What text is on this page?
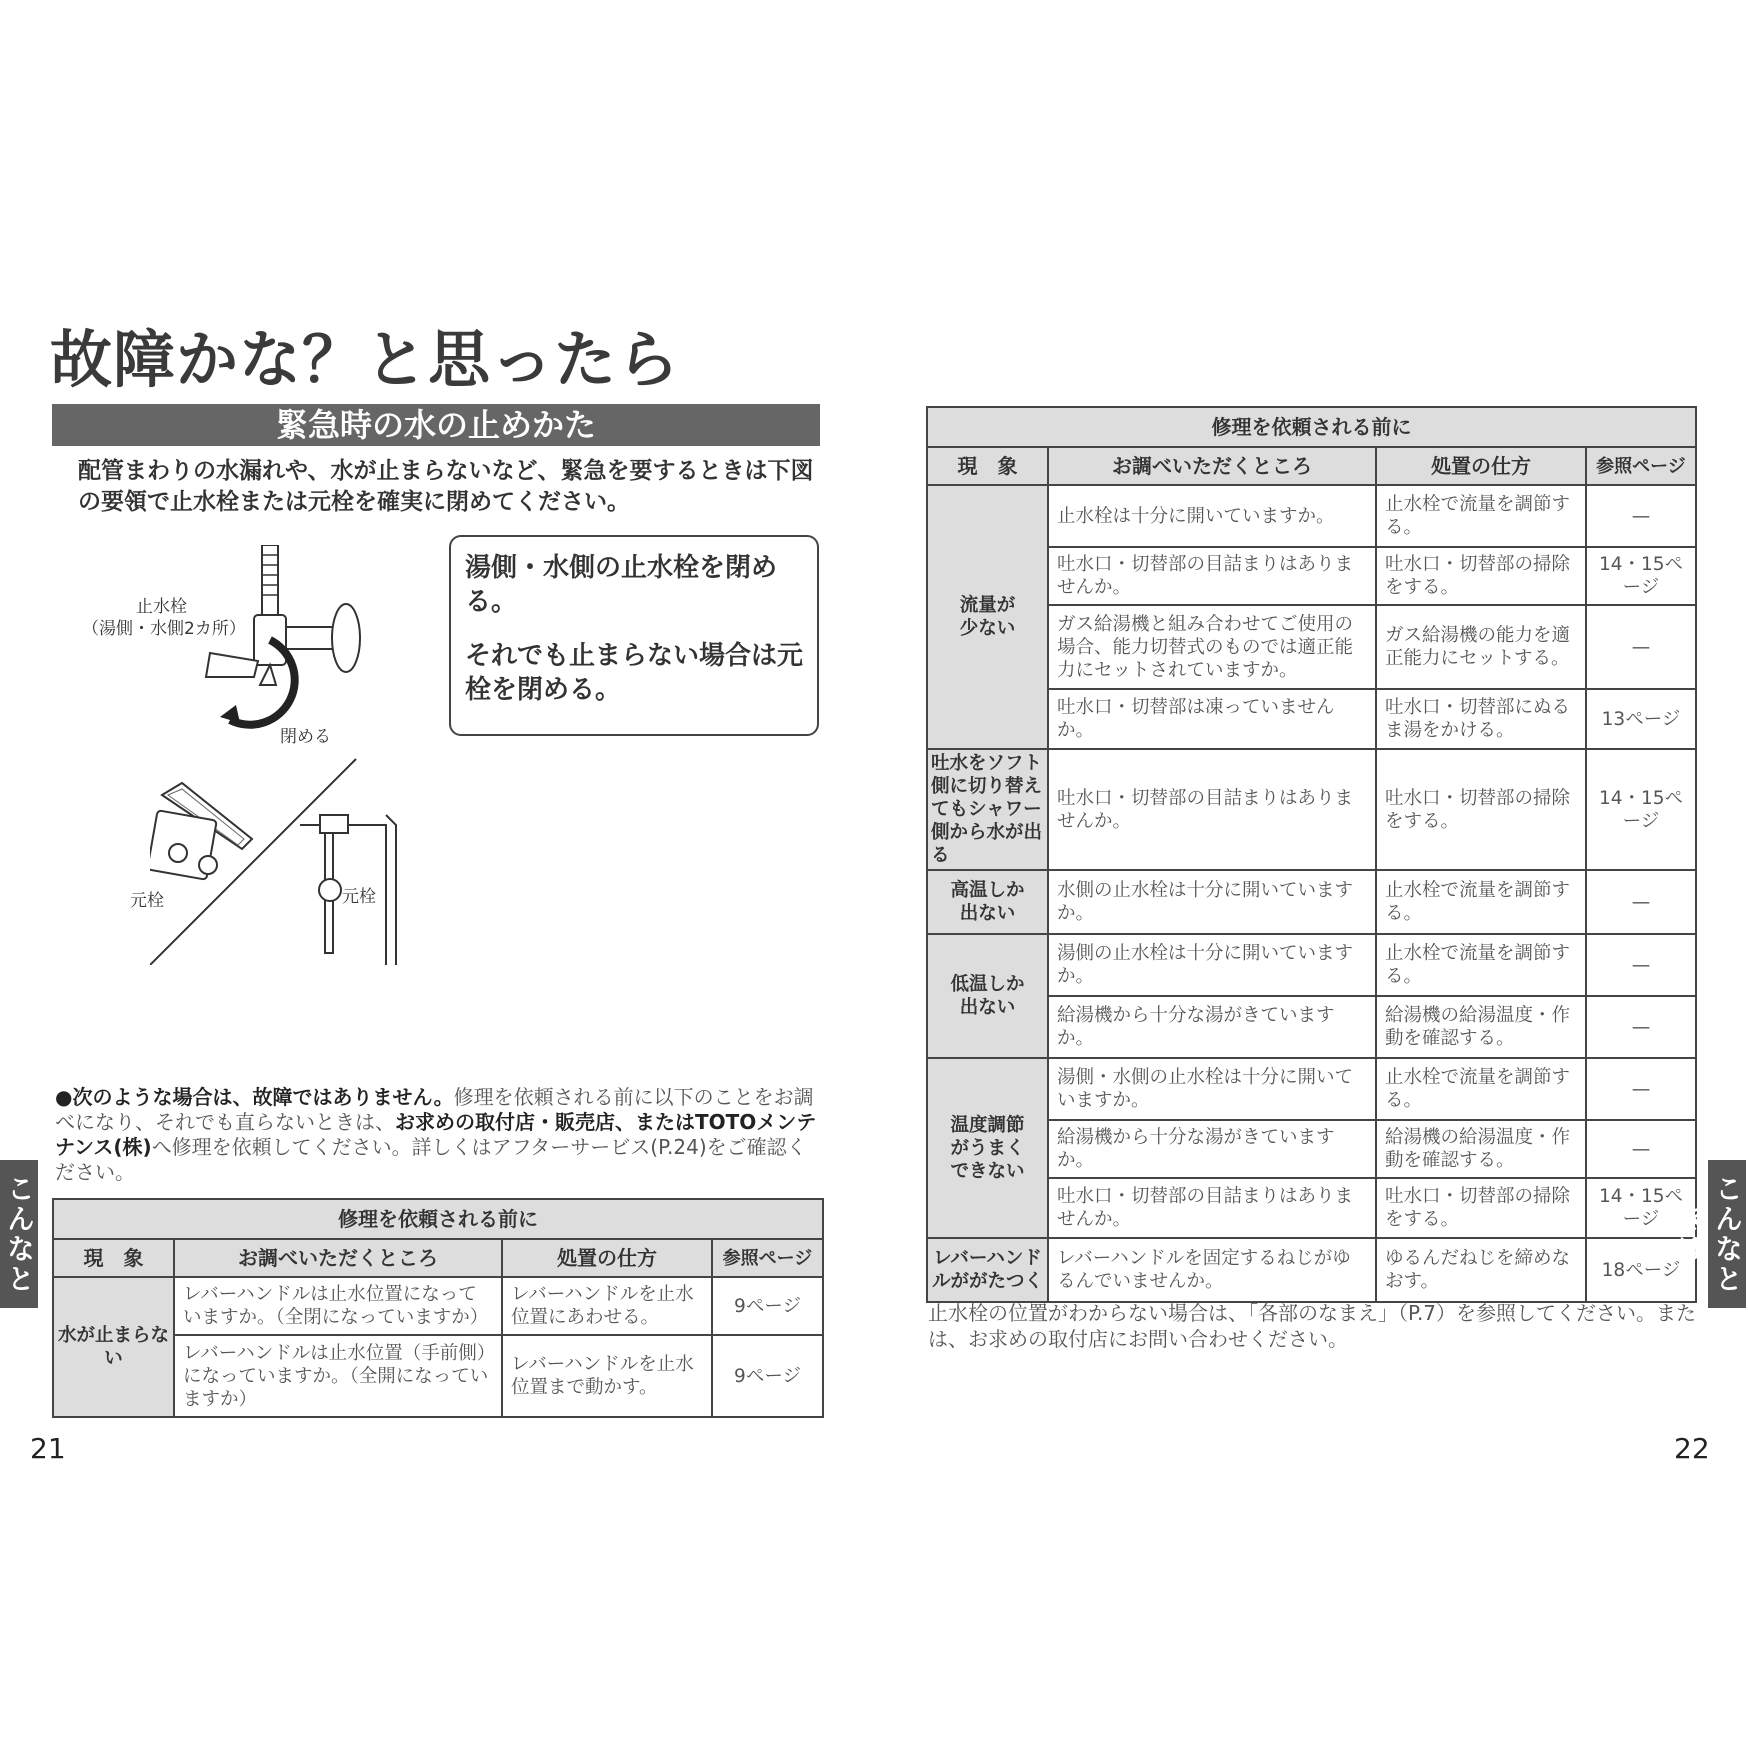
故障かな？と思ったら
緊急時の水の止めかた
配管まわりの水漏れや、水が止まらないなど、緊急を要するときは下図の要領で止水栓または元栓を確実に閉めてください。
止水栓
（湯側・水側2カ所）
閉める
元栓	元栓

湯側・水側の止水栓を閉める。

それでも止まらない場合は元栓を閉める。

●次のような場合は、故障ではありません。修理を依頼される前に以下のことをお調べになり、それでも直らないときは、お求めの取付店・販売店、またはTOTOメンテナンス(株)へ修理を依頼してください。詳しくはアフターサービス(P.24)をご確認ください。
修理を依頼される前に			
現　象	お調べいただくところ	処置の仕方	参照ページ
水が止まらない	レバーハンドルは止水位置になっていますか。（全閉になっていますか）	レバーハンドルを止水位置にあわせる。	9ページ
	レバーハンドルは止水位置（手前側）になっていますか。（全開になっていますか）	レバーハンドルを止水位置まで動かす。	9ページ
修理を依頼される前に			
現　象	お調べいただくところ	処置の仕方	参照ページ
流量が少ない	止水栓は十分に開いていますか。	止水栓で流量を調節する。	—
	吐水口・切替部の目詰まりはありませんか。	吐水口・切替部の掃除をする。	14・15ページ
	ガス給湯機と組み合わせてご使用の場合、能力切替式のものでは適正能力にセットされていますか。	ガス給湯機の能力を適正能力にセットする。	—
	吐水口・切替部は凍っていませんか。	吐水口・切替部にぬるま湯をかける。	13ページ
吐水をソフト側に切り替えてもシャワー側から水が出る	吐水口・切替部の目詰まりはありませんか。	吐水口・切替部の掃除をする。	14・15ページ
高温しか出ない	水側の止水栓は十分に開いていますか。	止水栓で流量を調節する。	—
低温しか出ない	湯側の止水栓は十分に開いていますか。	止水栓で流量を調節する。	—
	給湯機から十分な湯がきていますか。	給湯機の給湯温度・作動を確認する。	—
温度調節がうまくできない	湯側・水側の止水栓は十分に開いていますか。	止水栓で流量を調節する。	—
	給湯機から十分な湯がきていますか。	給湯機の給湯温度・作動を確認する。	—
	吐水口・切替部の目詰まりはありませんか。	吐水口・切替部の掃除をする。	14・15ページ
レバーハンドルががたつく	レバーハンドルを固定するねじがゆるんでいませんか。	ゆるんだねじを締めなおす。	18ページ
止水栓の位置がわからない場合は、「各部のなまえ」（P.7）を参照してください。または、お求めの取付店にお問い合わせください。
21	22
こんなと	こんなときは
